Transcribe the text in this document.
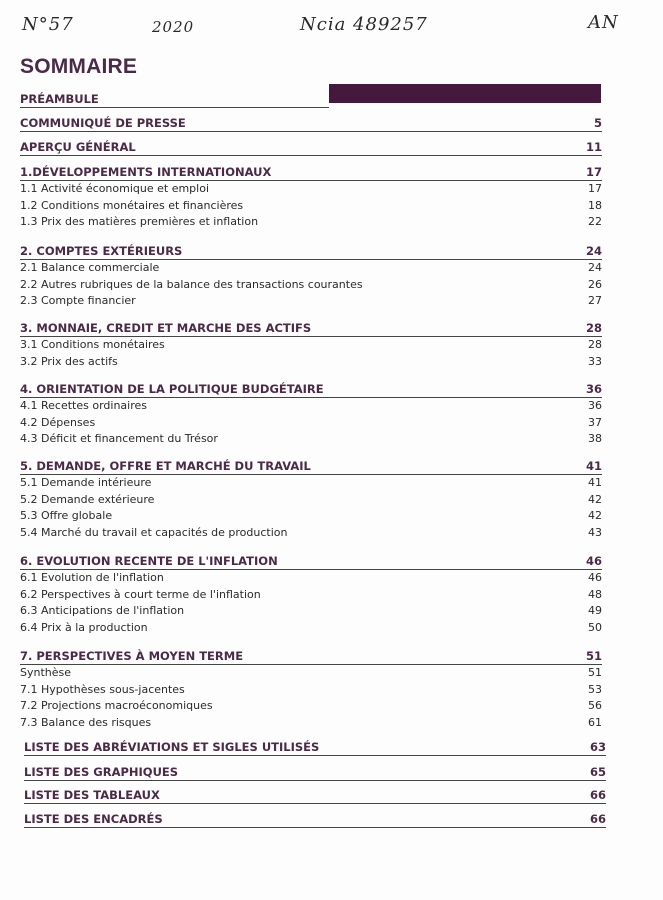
N°57	2020	Ncia 489257	AN
SOMMAIRE
PRÉAMBULE
COMMUNIQUÉ DE PRESSE	5
APERÇU GÉNÉRAL	11
1.DÉVELOPPEMENTS INTERNATIONAUX	17
1.1 Activité économique et emploi	17
1.2 Conditions monétaires et financières	18
1.3 Prix des matières premières et inflation	22
2. COMPTES EXTÉRIEURS	24
2.1 Balance commerciale	24
2.2 Autres rubriques de la balance des transactions courantes	26
2.3 Compte financier	27
3. MONNAIE, CREDIT ET MARCHE DES ACTIFS	28
3.1 Conditions monétaires	28
3.2 Prix des actifs	33
4. ORIENTATION DE LA POLITIQUE BUDGÉTAIRE	36
4.1 Recettes ordinaires	36
4.2 Dépenses	37
4.3 Déficit et financement du Trésor	38
5. DEMANDE, OFFRE ET MARCHÉ DU TRAVAIL	41
5.1 Demande intérieure	41
5.2 Demande extérieure	42
5.3 Offre globale	42
5.4 Marché du travail et capacités de production	43
6. EVOLUTION RECENTE DE L'INFLATION	46
6.1 Evolution de l'inflation	46
6.2 Perspectives à court terme de l'inflation	48
6.3 Anticipations de l'inflation	49
6.4 Prix à la production	50
7. PERSPECTIVES À MOYEN TERME	51
Synthèse	51
7.1 Hypothèses sous-jacentes	53
7.2 Projections macroéconomiques	56
7.3 Balance des risques	61
LISTE DES ABRÉVIATIONS ET SIGLES UTILISÉS	63
LISTE DES GRAPHIQUES	65
LISTE DES TABLEAUX	66
LISTE DES ENCADRÉS	66
